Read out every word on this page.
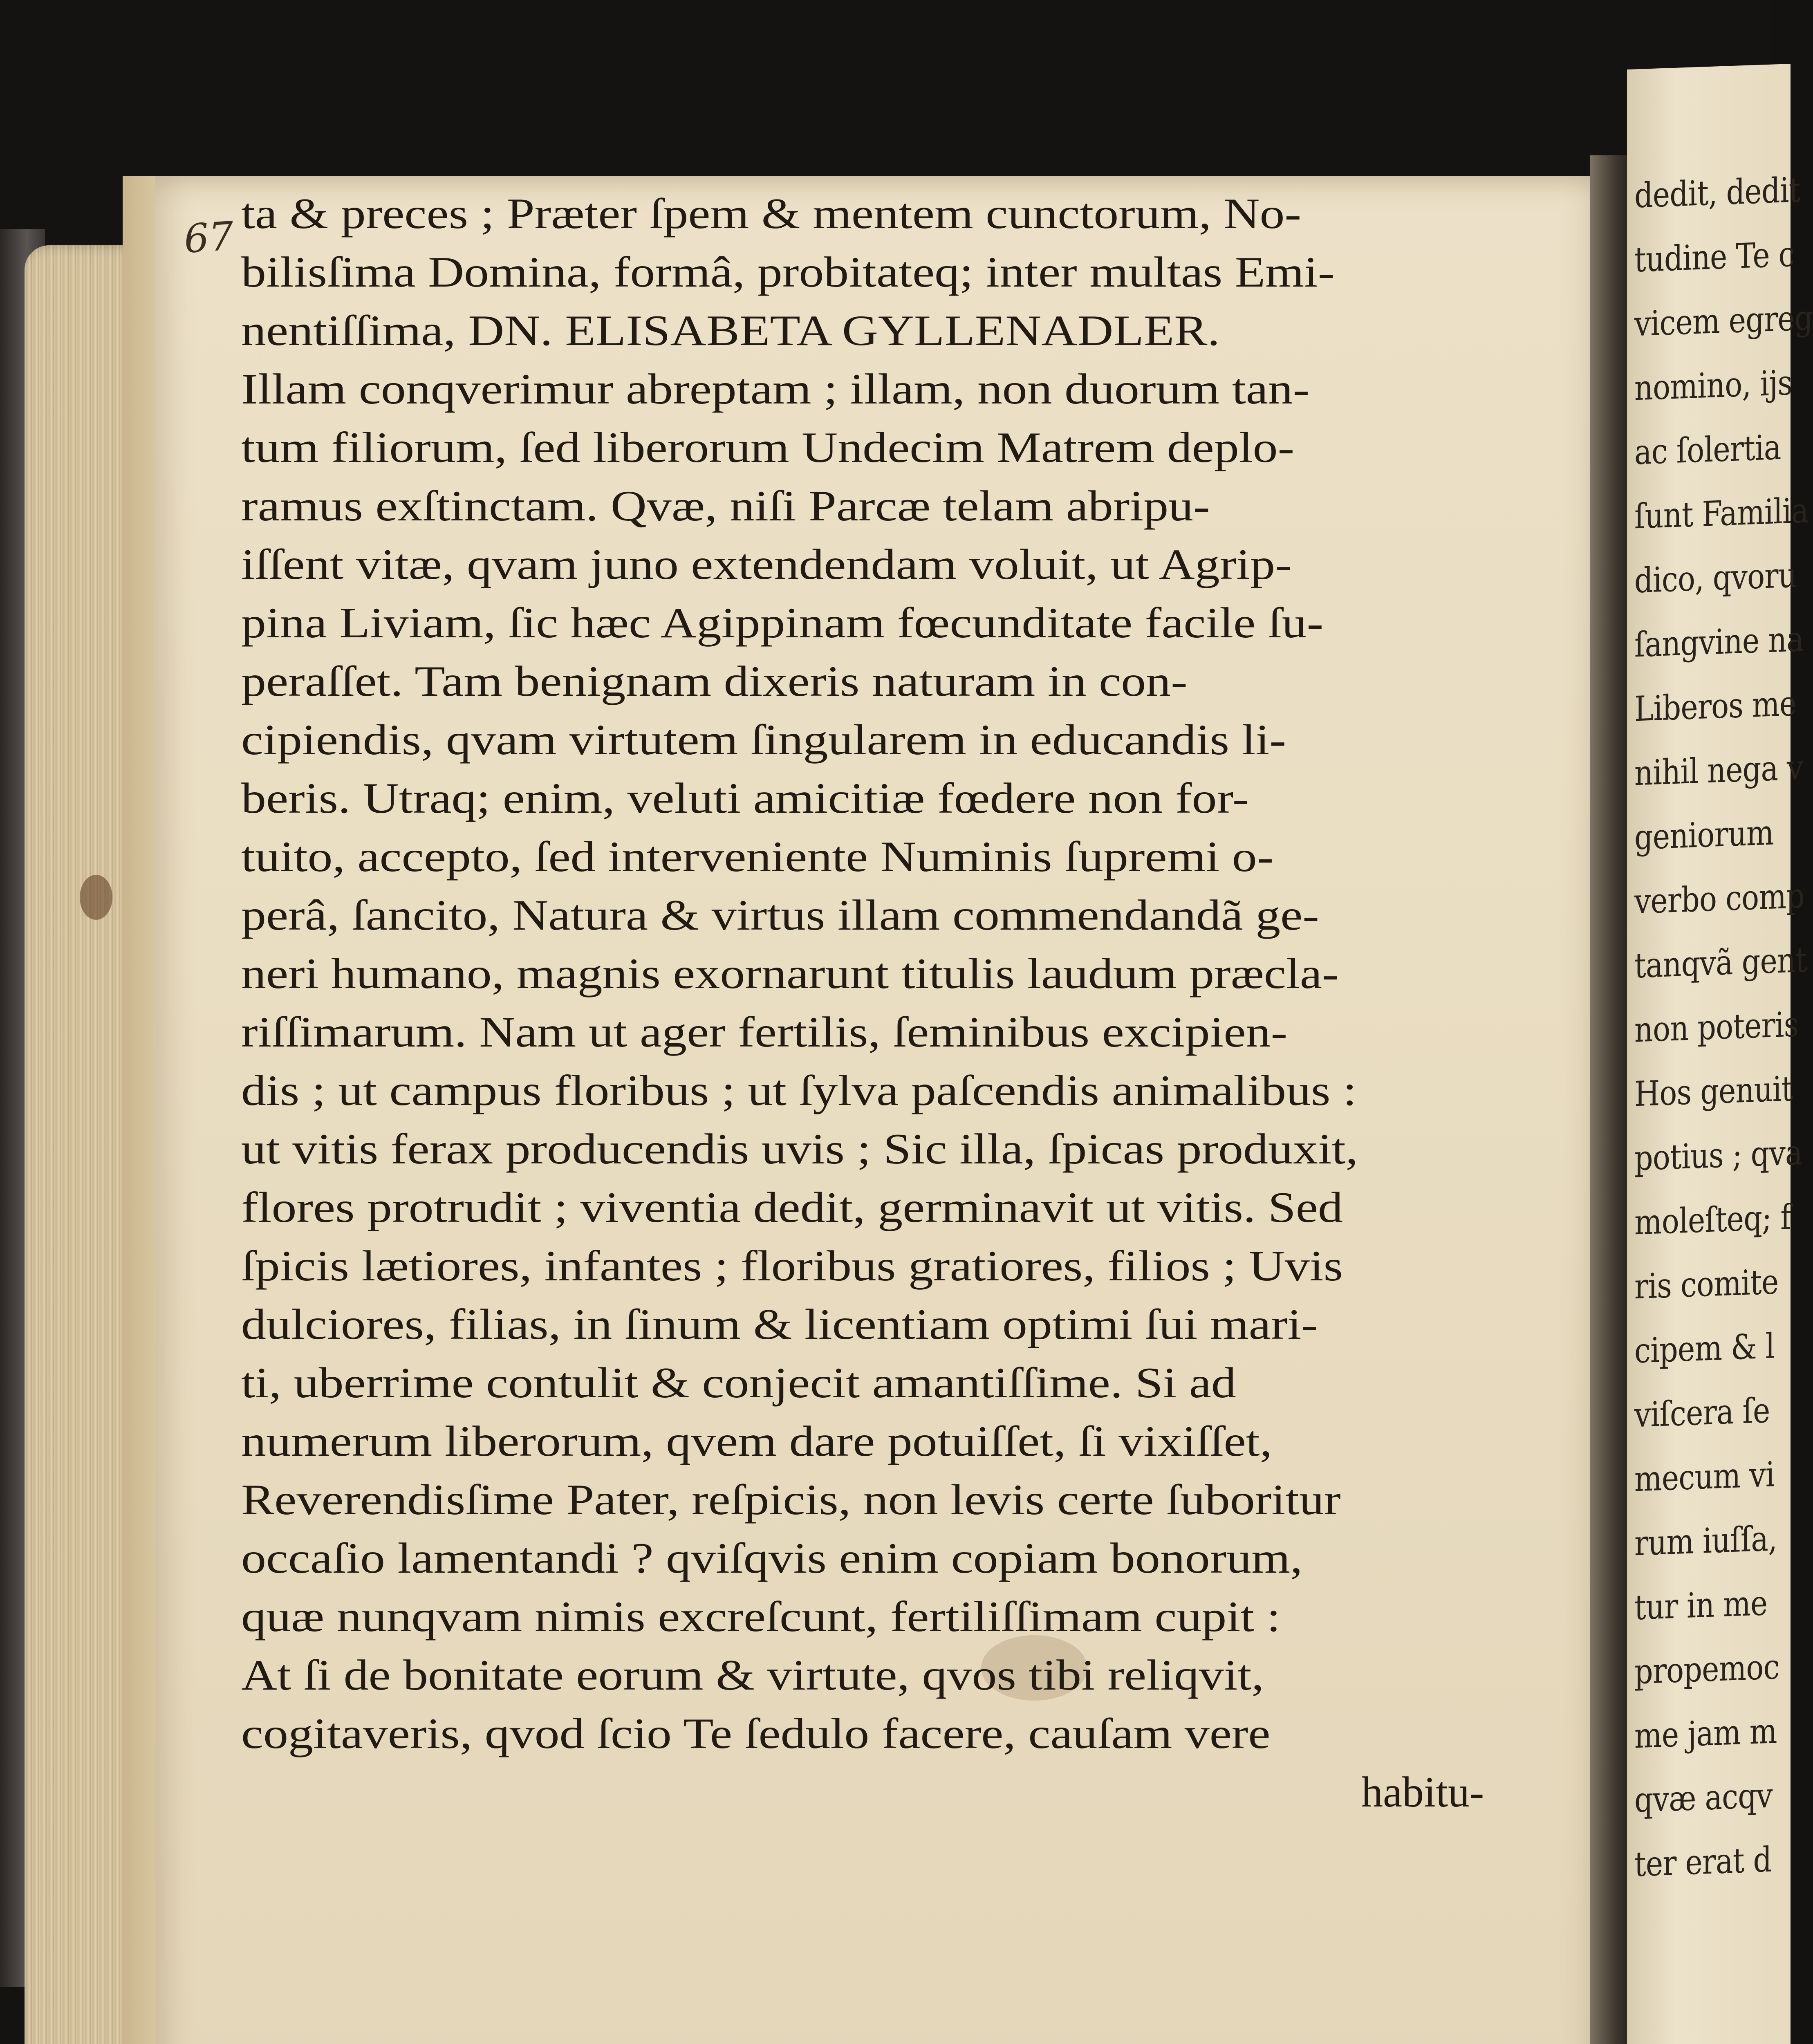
67 ta & preces ; Præter ſpem & mentem cunctorum, No-
bilisſima Domina, formâ, probitateq; inter multas Emi-
nentiſſima, DN. ELISABETA GYLLENADLER.
Illam conqverimur abreptam ; illam, non duorum tan-
tum filiorum, ſed liberorum Undecim Matrem deplo-
ramus exſtinctam. Qvæ, niſi Parcæ telam abripu-
iſſent vitæ, qvam juno extendendam voluit, ut Agrip-
pina Liviam, ſic hæc Agippinam fœcunditate facile ſu-
peraſſet. Tam benignam dixeris naturam in con-
cipiendis, qvam virtutem ſingularem in educandis li-
beris. Utraq; enim, veluti amicitiæ fœdere non for-
tuito, accepto, ſed interveniente Numinis ſupremi o-
perâ, ſancito, Natura & virtus illam commendandã ge-
neri humano, magnis exornarunt titulis laudum præcla-
riſſimarum. Nam ut ager fertilis, ſeminibus excipien-
dis ; ut campus floribus ; ut ſylva paſcendis animalibus :
ut vitis ferax producendis uvis ; Sic illa, ſpicas produxit,
flores protrudit ; viventia dedit, germinavit ut vitis. Sed
ſpicis lætiores, infantes ; floribus gratiores, filios ; Uvis
dulciores, filias, in ſinum & licentiam optimi ſui mari-
ti, uberrime contulit & conjecit amantiſſime. Si ad
numerum liberorum, qvem dare potuiſſet, ſi vixiſſet,
Reverendisſime Pater, reſpicis, non levis certe ſuboritur
occaſio lamentandi ? qviſqvis enim copiam bonorum,
quæ nunqvam nimis excreſcunt, fertiliſſimam cupit :
At ſi de bonitate eorum & virtute, qvos tibi reliqvit,
cogitaveris, qvod ſcio Te ſedulo facere, cauſam vere
habitu-
dedit, dedit
tudine Te c
vicem egreg
nomino, ijs
ac ſolertia
ſunt Familia
dico, qvoru
ſangvine na
Liberos me
nihil nega v
geniorum
verbo comp
tanqvã gent
non poteris
Hos genuit
potius ; qva
moleſteq; f
ris comite
cipem & l
viſcera ſe
mecum vi
rum iuſſa,
tur in me
propemoc
me jam m
qvæ acqv
ter erat d
